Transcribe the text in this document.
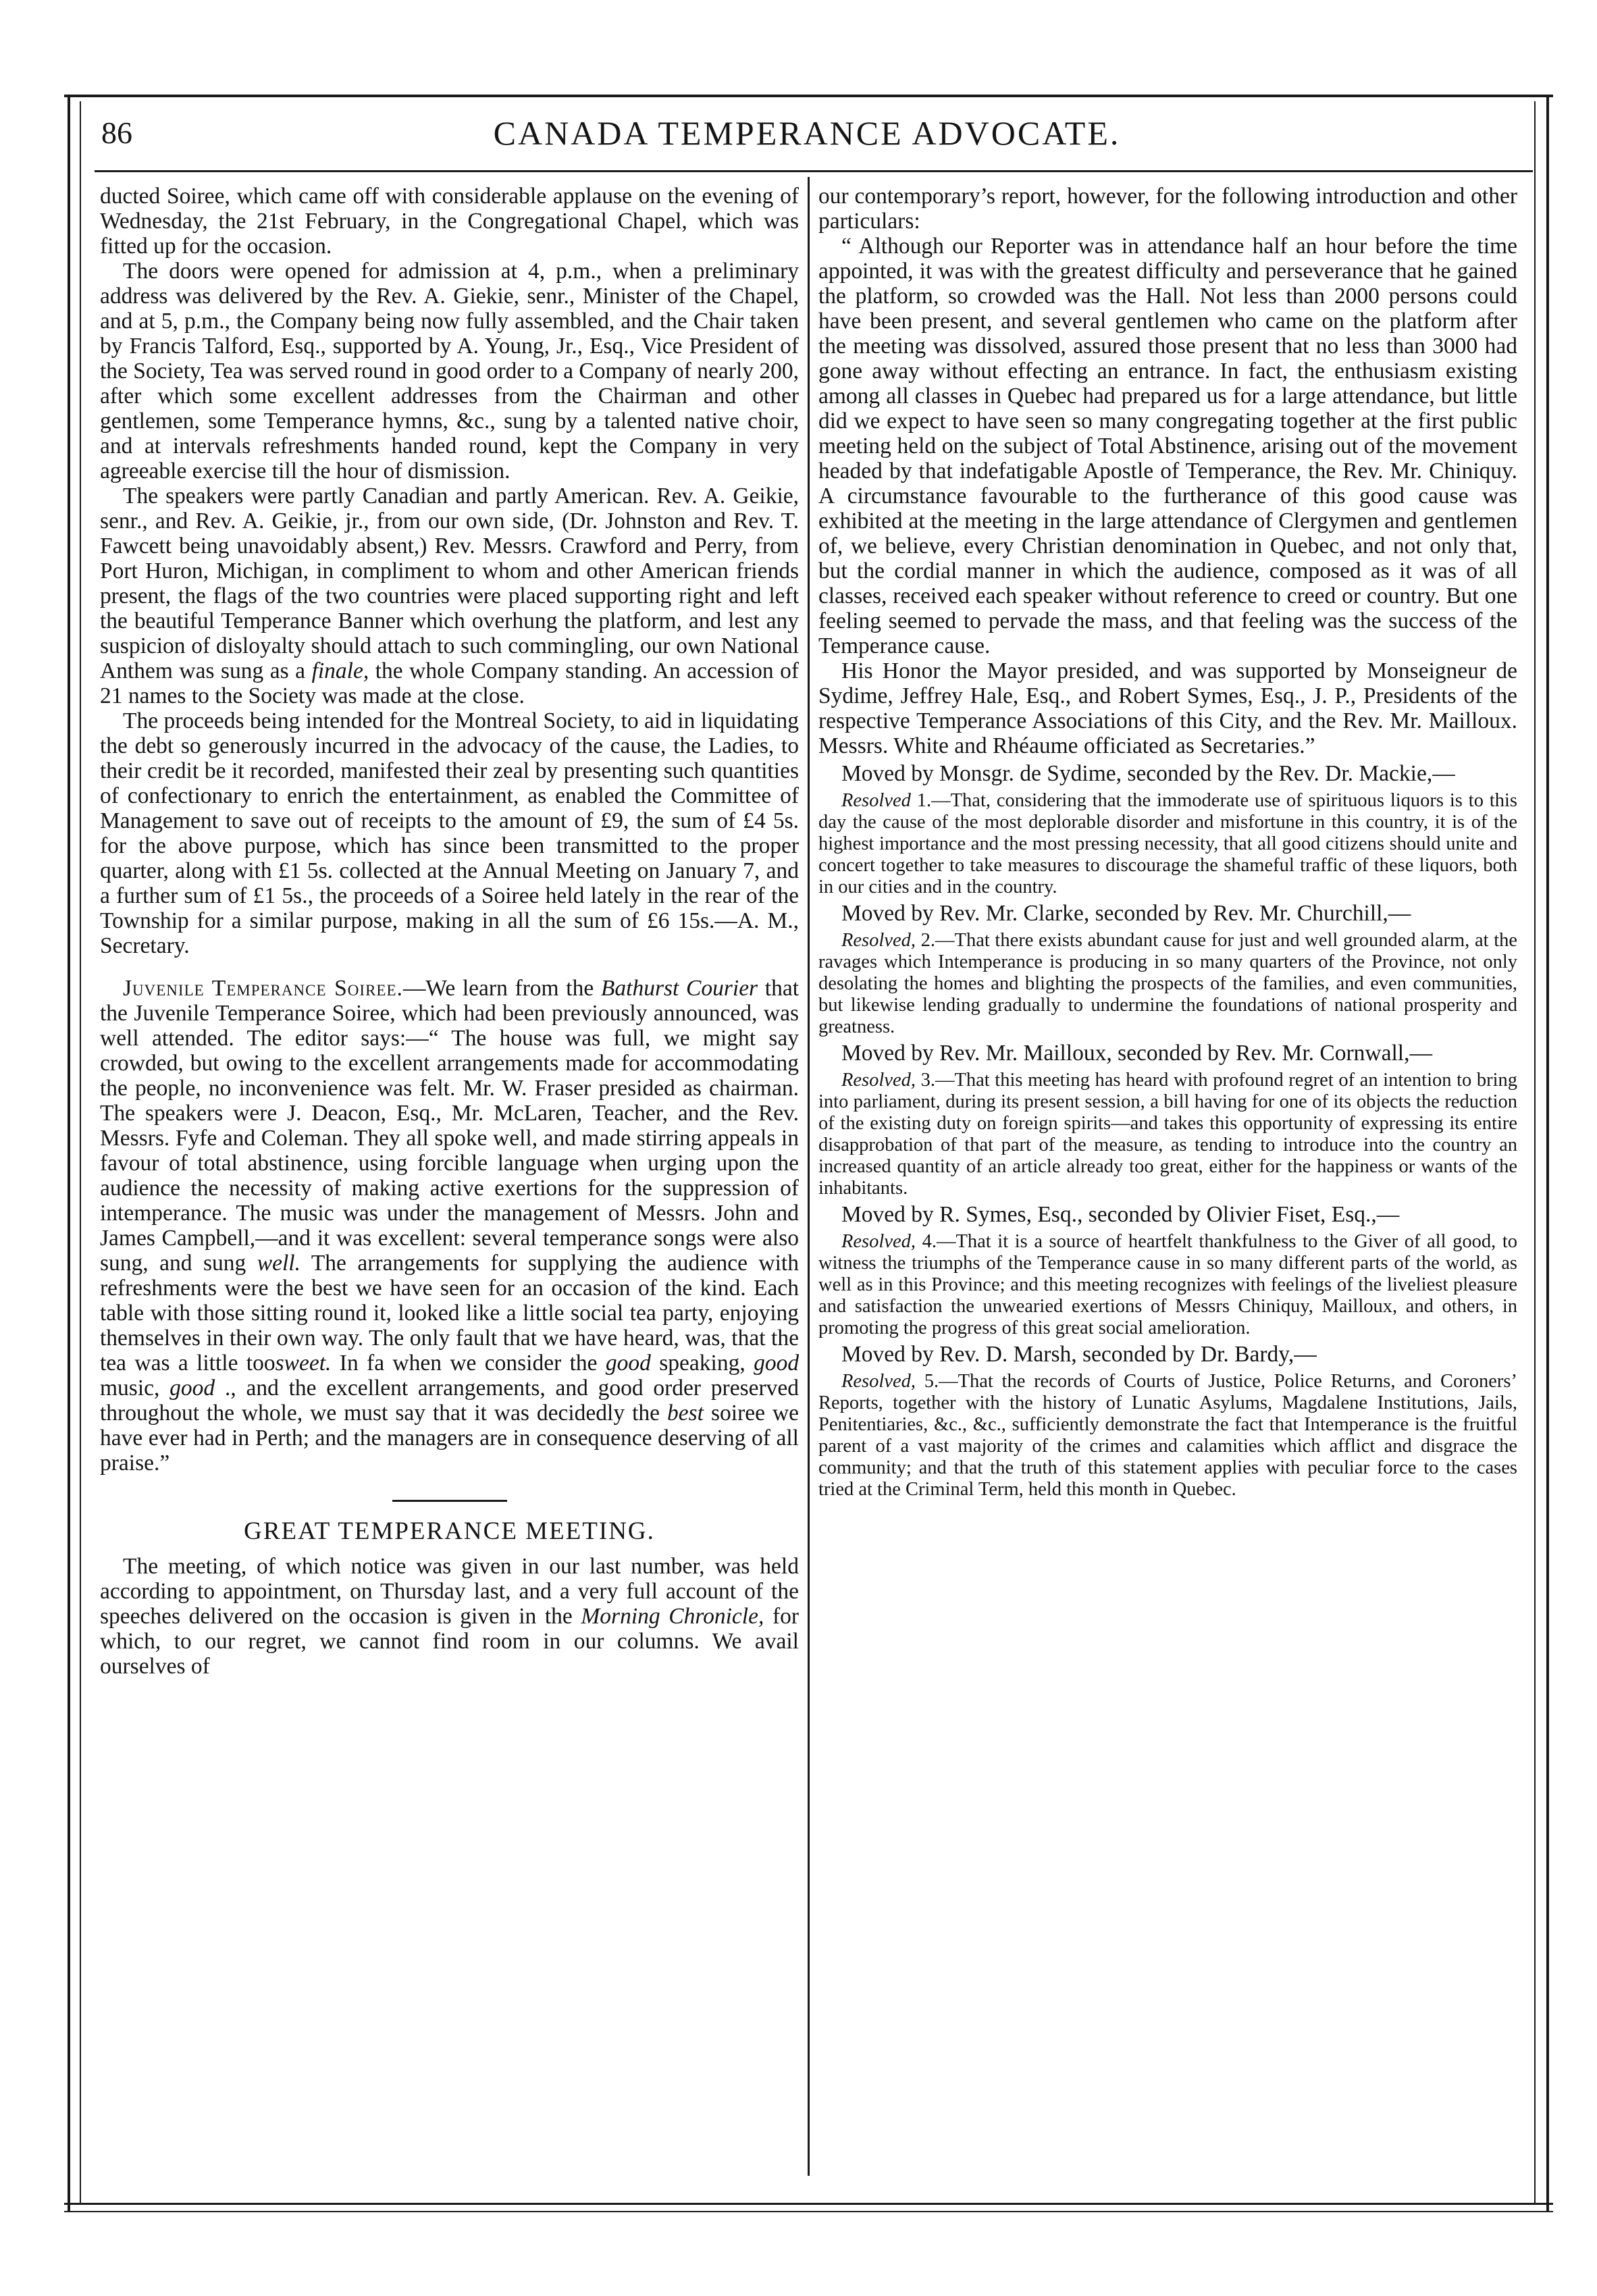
86	CANADA TEMPERANCE ADVOCATE.

ducted Soiree, which came off with considerable applause on the evening of Wednesday, the 21st February, in the Congregational Chapel, which was fitted up for the occasion.

The doors were opened for admission at 4, p.m., when a preliminary address was delivered by the Rev. A. Giekie, senr., Minister of the Chapel, and at 5, p.m., the Company being now fully assembled, and the Chair taken by Francis Talford, Esq., supported by A. Young, Jr., Esq., Vice President of the Society, Tea was served round in good order to a Company of nearly 200, after which some excellent addresses from the Chairman and other gentlemen, some Temperance hymns, &c., sung by a talented native choir, and at intervals refreshments handed round, kept the Company in very agreeable exercise till the hour of dismission.

The speakers were partly Canadian and partly American. Rev. A. Geikie, senr., and Rev. A. Geikie, jr., from our own side, (Dr. Johnston and Rev. T. Fawcett being unavoidably absent,) Rev. Messrs. Crawford and Perry, from Port Huron, Michigan, in compliment to whom and other American friends present, the flags of the two countries were placed supporting right and left the beautiful Temperance Banner which overhung the platform, and lest any suspicion of disloyalty should attach to such commingling, our own National Anthem was sung as a finale, the whole Company standing. An accession of 21 names to the Society was made at the close.

The proceeds being intended for the Montreal Society, to aid in liquidating the debt so generously incurred in the advocacy of the cause, the Ladies, to their credit be it recorded, manifested their zeal by presenting such quantities of confectionary to enrich the entertainment, as enabled the Committee of Management to save out of receipts to the amount of £9, the sum of £4 5s. for the above purpose, which has since been transmitted to the proper quarter, along with £1 5s. collected at the Annual Meeting on January 7, and a further sum of £1 5s., the proceeds of a Soiree held lately in the rear of the Township for a similar purpose, making in all the sum of £6 15s.—A. M., Secretary.

Juvenile Temperance Soiree.—We learn from the Bathurst Courier that the Juvenile Temperance Soiree, which had been previously announced, was well attended. The editor says:—“ The house was full, we might say crowded, but owing to the excellent arrangements made for accommodating the people, no inconvenience was felt. Mr. W. Fraser presided as chairman. The speakers were J. Deacon, Esq., Mr. McLaren, Teacher, and the Rev. Messrs. Fyfe and Coleman. They all spoke well, and made stirring appeals in favour of total abstinence, using forcible language when urging upon the audience the necessity of making active exertions for the suppression of intemperance. The music was under the management of Messrs. John and James Campbell,—and it was excellent: several temperance songs were also sung, and sung well. The arrangements for supplying the audience with refreshments were the best we have seen for an occasion of the kind. Each table with those sitting round it, looked like a little social tea party, enjoying themselves in their own way. The only fault that we have heard, was, that the tea was a little toosweet. In fa when we consider the good speaking, good music, good ., and the excellent arrangements, and good order preserved throughout the whole, we must say that it was decidedly the best soiree we have ever had in Perth; and the managers are in consequence deserving of all praise.”

GREAT TEMPERANCE MEETING.

The meeting, of which notice was given in our last number, was held according to appointment, on Thursday last, and a very full account of the speeches delivered on the occasion is given in the Morning Chronicle, for which, to our regret, we cannot find room in our columns. We avail ourselves of

our contemporary’s report, however, for the following introduction and other particulars:

“ Although our Reporter was in attendance half an hour before the time appointed, it was with the greatest difficulty and perseverance that he gained the platform, so crowded was the Hall. Not less than 2000 persons could have been present, and several gentlemen who came on the platform after the meeting was dissolved, assured those present that no less than 3000 had gone away without effecting an entrance. In fact, the enthusiasm existing among all classes in Quebec had prepared us for a large attendance, but little did we expect to have seen so many congregating together at the first public meeting held on the subject of Total Abstinence, arising out of the movement headed by that indefatigable Apostle of Temperance, the Rev. Mr. Chiniquy. A circumstance favourable to the furtherance of this good cause was exhibited at the meeting in the large attendance of Clergymen and gentlemen of, we believe, every Christian denomination in Quebec, and not only that, but the cordial manner in which the audience, composed as it was of all classes, received each speaker without reference to creed or country. But one feeling seemed to pervade the mass, and that feeling was the success of the Temperance cause.

His Honor the Mayor presided, and was supported by Monseigneur de Sydime, Jeffrey Hale, Esq., and Robert Symes, Esq., J. P., Presidents of the respective Temperance Associations of this City, and the Rev. Mr. Mailloux. Messrs. White and Rhéaume officiated as Secretaries.”

Moved by Monsgr. de Sydime, seconded by the Rev. Dr. Mackie,—

Resolved 1.—That, considering that the immoderate use of spirituous liquors is to this day the cause of the most deplorable disorder and misfortune in this country, it is of the highest importance and the most pressing necessity, that all good citizens should unite and concert together to take measures to discourage the shameful traffic of these liquors, both in our cities and in the country.

Moved by Rev. Mr. Clarke, seconded by Rev. Mr. Churchill,—

Resolved, 2.—That there exists abundant cause for just and well grounded alarm, at the ravages which Intemperance is producing in so many quarters of the Province, not only desolating the homes and blighting the prospects of the families, and even communities, but likewise lending gradually to undermine the foundations of national prosperity and greatness.

Moved by Rev. Mr. Mailloux, seconded by Rev. Mr. Cornwall,—

Resolved, 3.—That this meeting has heard with profound regret of an intention to bring into parliament, during its present session, a bill having for one of its objects the reduction of the existing duty on foreign spirits—and takes this opportunity of expressing its entire disapprobation of that part of the measure, as tending to introduce into the country an increased quantity of an article already too great, either for the happiness or wants of the inhabitants.

Moved by R. Symes, Esq., seconded by Olivier Fiset, Esq.,—

Resolved, 4.—That it is a source of heartfelt thankfulness to the Giver of all good, to witness the triumphs of the Temperance cause in so many different parts of the world, as well as in this Province; and this meeting recognizes with feelings of the liveliest pleasure and satisfaction the unwearied exertions of Messrs Chiniquy, Mailloux, and others, in promoting the progress of this great social amelioration.

Moved by Rev. D. Marsh, seconded by Dr. Bardy,—

Resolved, 5.—That the records of Courts of Justice, Police Returns, and Coroners’ Reports, together with the history of Lunatic Asylums, Magdalene Institutions, Jails, Penitentiaries, &c., &c., sufficiently demonstrate the fact that Intemperance is the fruitful parent of a vast majority of the crimes and calamities which afflict and disgrace the community; and that the truth of this statement applies with peculiar force to the cases tried at the Criminal Term, held this month in Quebec.
